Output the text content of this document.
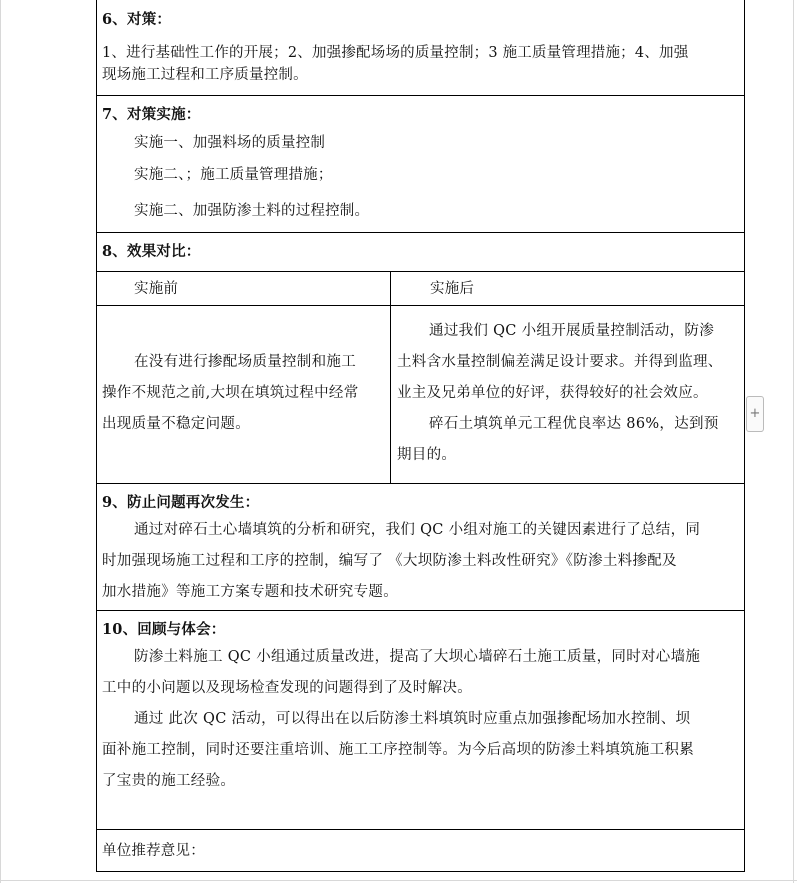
6、对策：
1、进行基础性工作的开展；2、加强掺配场场的质量控制；3 施工质量管理措施；4、加强
现场施工过程和工序质量控制。
7、对策实施：
实施一、加强料场的质量控制
实施二、；施工质量管理措施；
实施二、加强防渗土料的过程控制。
8、效果对比：
实施前	实施后
在没有进行掺配场质量控制和施工
操作不规范之前,大坝在填筑过程中经常
出现质量不稳定问题。
通过我们 QC 小组开展质量控制活动，防渗
土料含水量控制偏差满足设计要求。并得到监理、
业主及兄弟单位的好评，获得较好的社会效应。
碎石土填筑单元工程优良率达 86%，达到预
期目的。
9、防止问题再次发生：
通过对碎石土心墙填筑的分析和研究，我们 QC 小组对施工的关键因素进行了总结，同
时加强现场施工过程和工序的控制，编写了 《大坝防渗土料改性研究》《防渗土料掺配及
加水措施》等施工方案专题和技术研究专题。
10、回顾与体会：
防渗土料施工 QC 小组通过质量改进，提高了大坝心墙碎石土施工质量，同时对心墙施
工中的小问题以及现场检查发现的问题得到了及时解决。
通过 此次 QC 活动，可以得出在以后防渗土料填筑时应重点加强掺配场加水控制、坝
面补施工控制，同时还要注重培训、施工工序控制等。为今后高坝的防渗土料填筑施工积累
了宝贵的施工经验。
单位推荐意见：
+
